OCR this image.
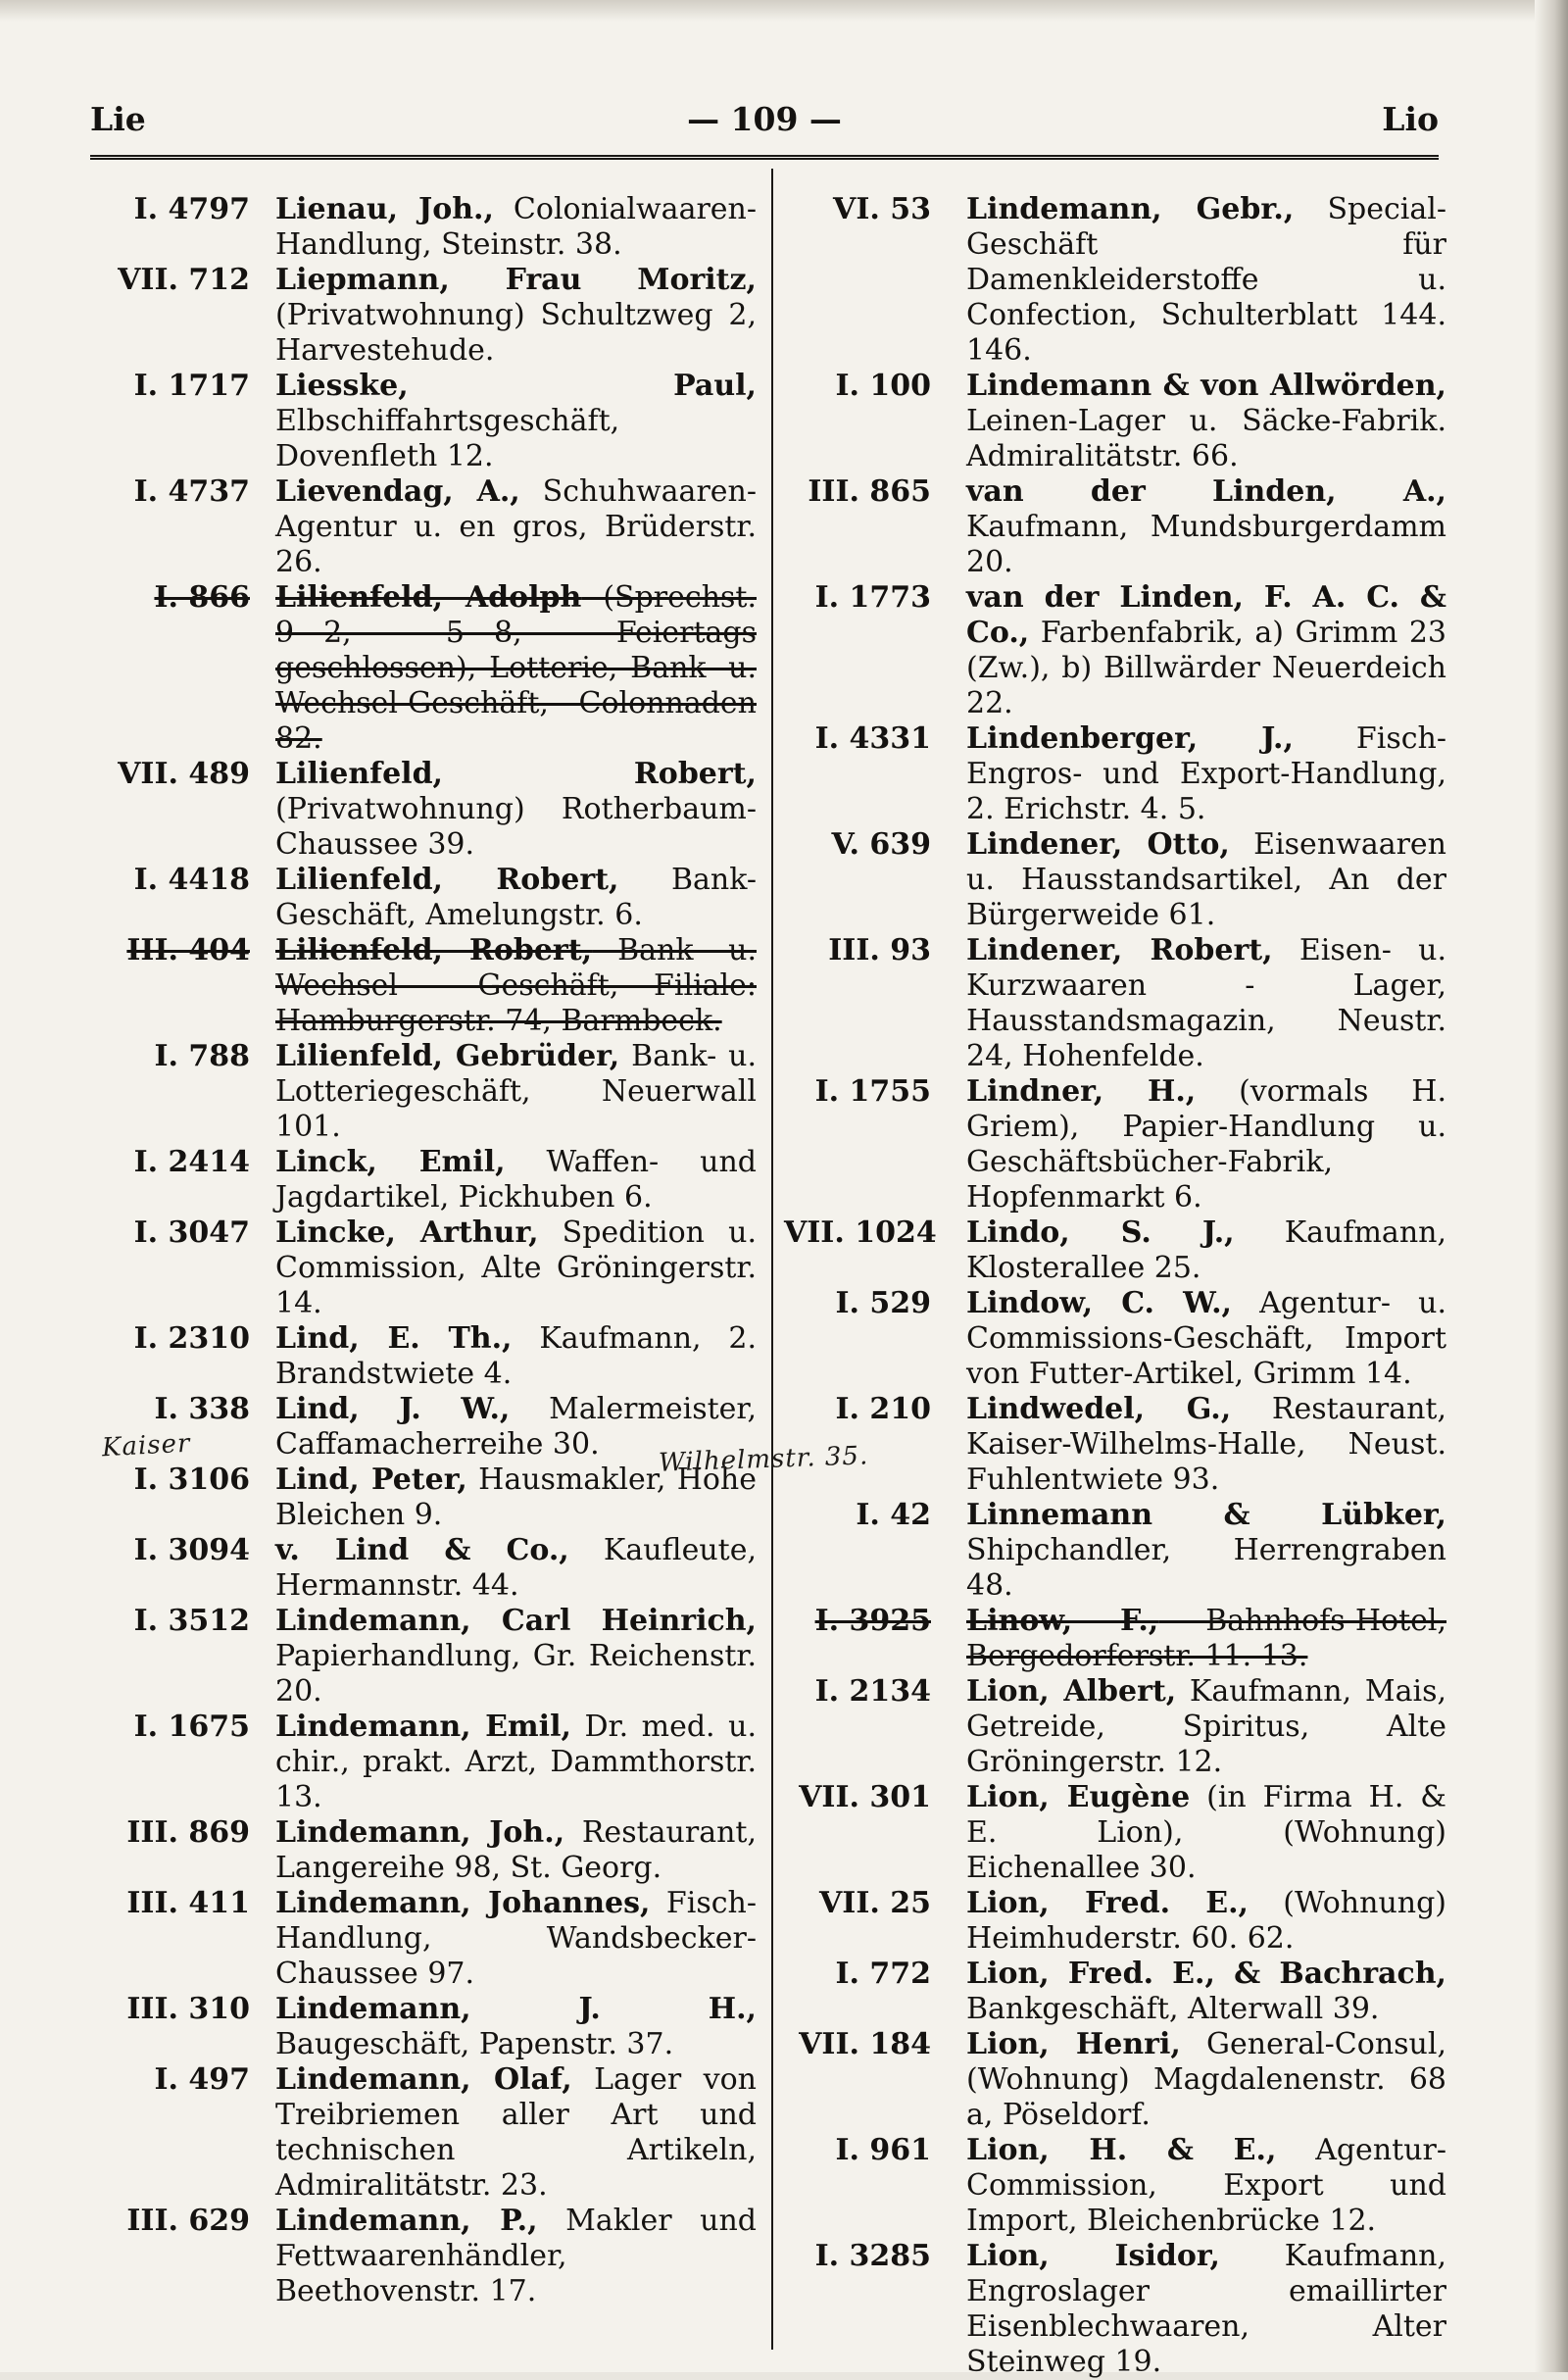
Lie	— 109 —	Lio
I. 4797 Lienau, Joh., Colonialwaaren-Handlung, Steinstr. 38.
VII. 712 Liepmann, Frau Moritz, (Privatwohnung) Schultzweg 2, Harvestehude.
I. 1717 Liesske, Paul, Elbschiffahrtsgeschäft, Dovenfleth 12.
I. 4737 Lievendag, A., Schuhwaaren-Agentur u. en gros, Brüderstr. 26.
I. 866 Lilienfeld, Adolph (Sprechst. 9—2, 5—8, Feiertags geschlossen), Lotterie, Bank- u. Wechsel-Geschäft, Colonnaden 82.
VII. 489 Lilienfeld, Robert, (Privatwohnung) Rotherbaum-Chaussee 39.
I. 4418 Lilienfeld, Robert, Bank-Geschäft, Amelungstr. 6.
III. 404 Lilienfeld, Robert, Bank- u. Wechsel - Geschäft, Filiale: Hamburgerstr. 74, Barmbeck.
I. 788 Lilienfeld, Gebrüder, Bank- u. Lotteriegeschäft, Neuerwall 101.
I. 2414 Linck, Emil, Waffen- und Jagdartikel, Pickhuben 6.
I. 3047 Lincke, Arthur, Spedition u. Commission, Alte Gröningerstr. 14.
I. 2310 Lind, E. Th., Kaufmann, 2. Brandstwiete 4.
I. 338 Lind, J. W., Malermeister, Caffamacherreihe 30.
I. 3106 Lind, Peter, Hausmakler, Hohe Bleichen 9.
I. 3094 v. Lind & Co., Kaufleute, Hermannstr. 44.
I. 3512 Lindemann, Carl Heinrich, Papierhandlung, Gr. Reichenstr. 20.
I. 1675 Lindemann, Emil, Dr. med. u. chir., prakt. Arzt, Dammthorstr. 13.
III. 869 Lindemann, Joh., Restaurant, Langereihe 98, St. Georg.
III. 411 Lindemann, Johannes, Fisch-Handlung, Wandsbecker-Chaussee 97.
III. 310 Lindemann, J. H., Baugeschäft, Papenstr. 37.
I. 497 Lindemann, Olaf, Lager von Treibriemen aller Art und technischen Artikeln, Admiralitätstr. 23.
III. 629 Lindemann, P., Makler und Fettwaarenhändler, Beethovenstr. 17.
VI. 53	Lindemann, Gebr., Special-Geschäft für Damenkleiderstoffe u. Confection, Schulterblatt 144. 146.
I. 100	Lindemann & von Allwörden, Leinen-Lager u. Säcke-Fabrik. Admiralitätstr. 66.
III. 865	van der Linden, A., Kaufmann, Mundsburgerdamm 20.
I. 1773	van der Linden, F. A. C. & Co., Farbenfabrik, a) Grimm 23 (Zw.), b) Billwärder Neuerdeich 22.
I. 4331	Lindenberger, J., Fisch-Engros- und Export-Handlung, 2. Erichstr. 4. 5.
V. 639	Lindener, Otto, Eisenwaaren u. Hausstandsartikel, An der Bürgerweide 61.
III. 93	Lindener, Robert, Eisen- u. Kurzwaaren - Lager, Hausstandsmagazin, Neustr. 24, Hohenfelde.
I. 1755	Lindner, H., (vormals H. Griem), Papier-Handlung u. Geschäftsbücher-Fabrik, Hopfenmarkt 6.
VII. 1024	Lindo, S. J., Kaufmann, Klosterallee 25.
I. 529	Lindow, C. W., Agentur- u. Commissions-Geschäft, Import von Futter-Artikel, Grimm 14.
I. 210	Lindwedel, G., Restaurant, Kaiser-Wilhelms-Halle, Neust. Fuhlentwiete 93.
I. 42	Linnemann & Lübker, Shipchandler, Herrengraben 48.
I. 3925	Linow, F., Bahnhofs-Hotel, Bergedorferstr. 11. 13.
I. 2134	Lion, Albert, Kaufmann, Mais, Getreide, Spiritus, Alte Gröningerstr. 12.
VII. 301	Lion, Eugène (in Firma H. & E. Lion), (Wohnung) Eichenallee 30.
VII. 25	Lion, Fred. E., (Wohnung) Heimhuderstr. 60. 62.
I. 772	Lion, Fred. E., & Bachrach, Bankgeschäft, Alterwall 39.
VII. 184	Lion, Henri, General-Consul, (Wohnung) Magdalenenstr. 68 a, Pöseldorf.
I. 961	Lion, H. & E., Agentur-Commission, Export und Import, Bleichenbrücke 12.
I. 3285	Lion, Isidor, Kaufmann, Engroslager emaillirter Eisenblechwaaren, Alter Steinweg 19.
Kaiser	Wilhelmstr. 35.
